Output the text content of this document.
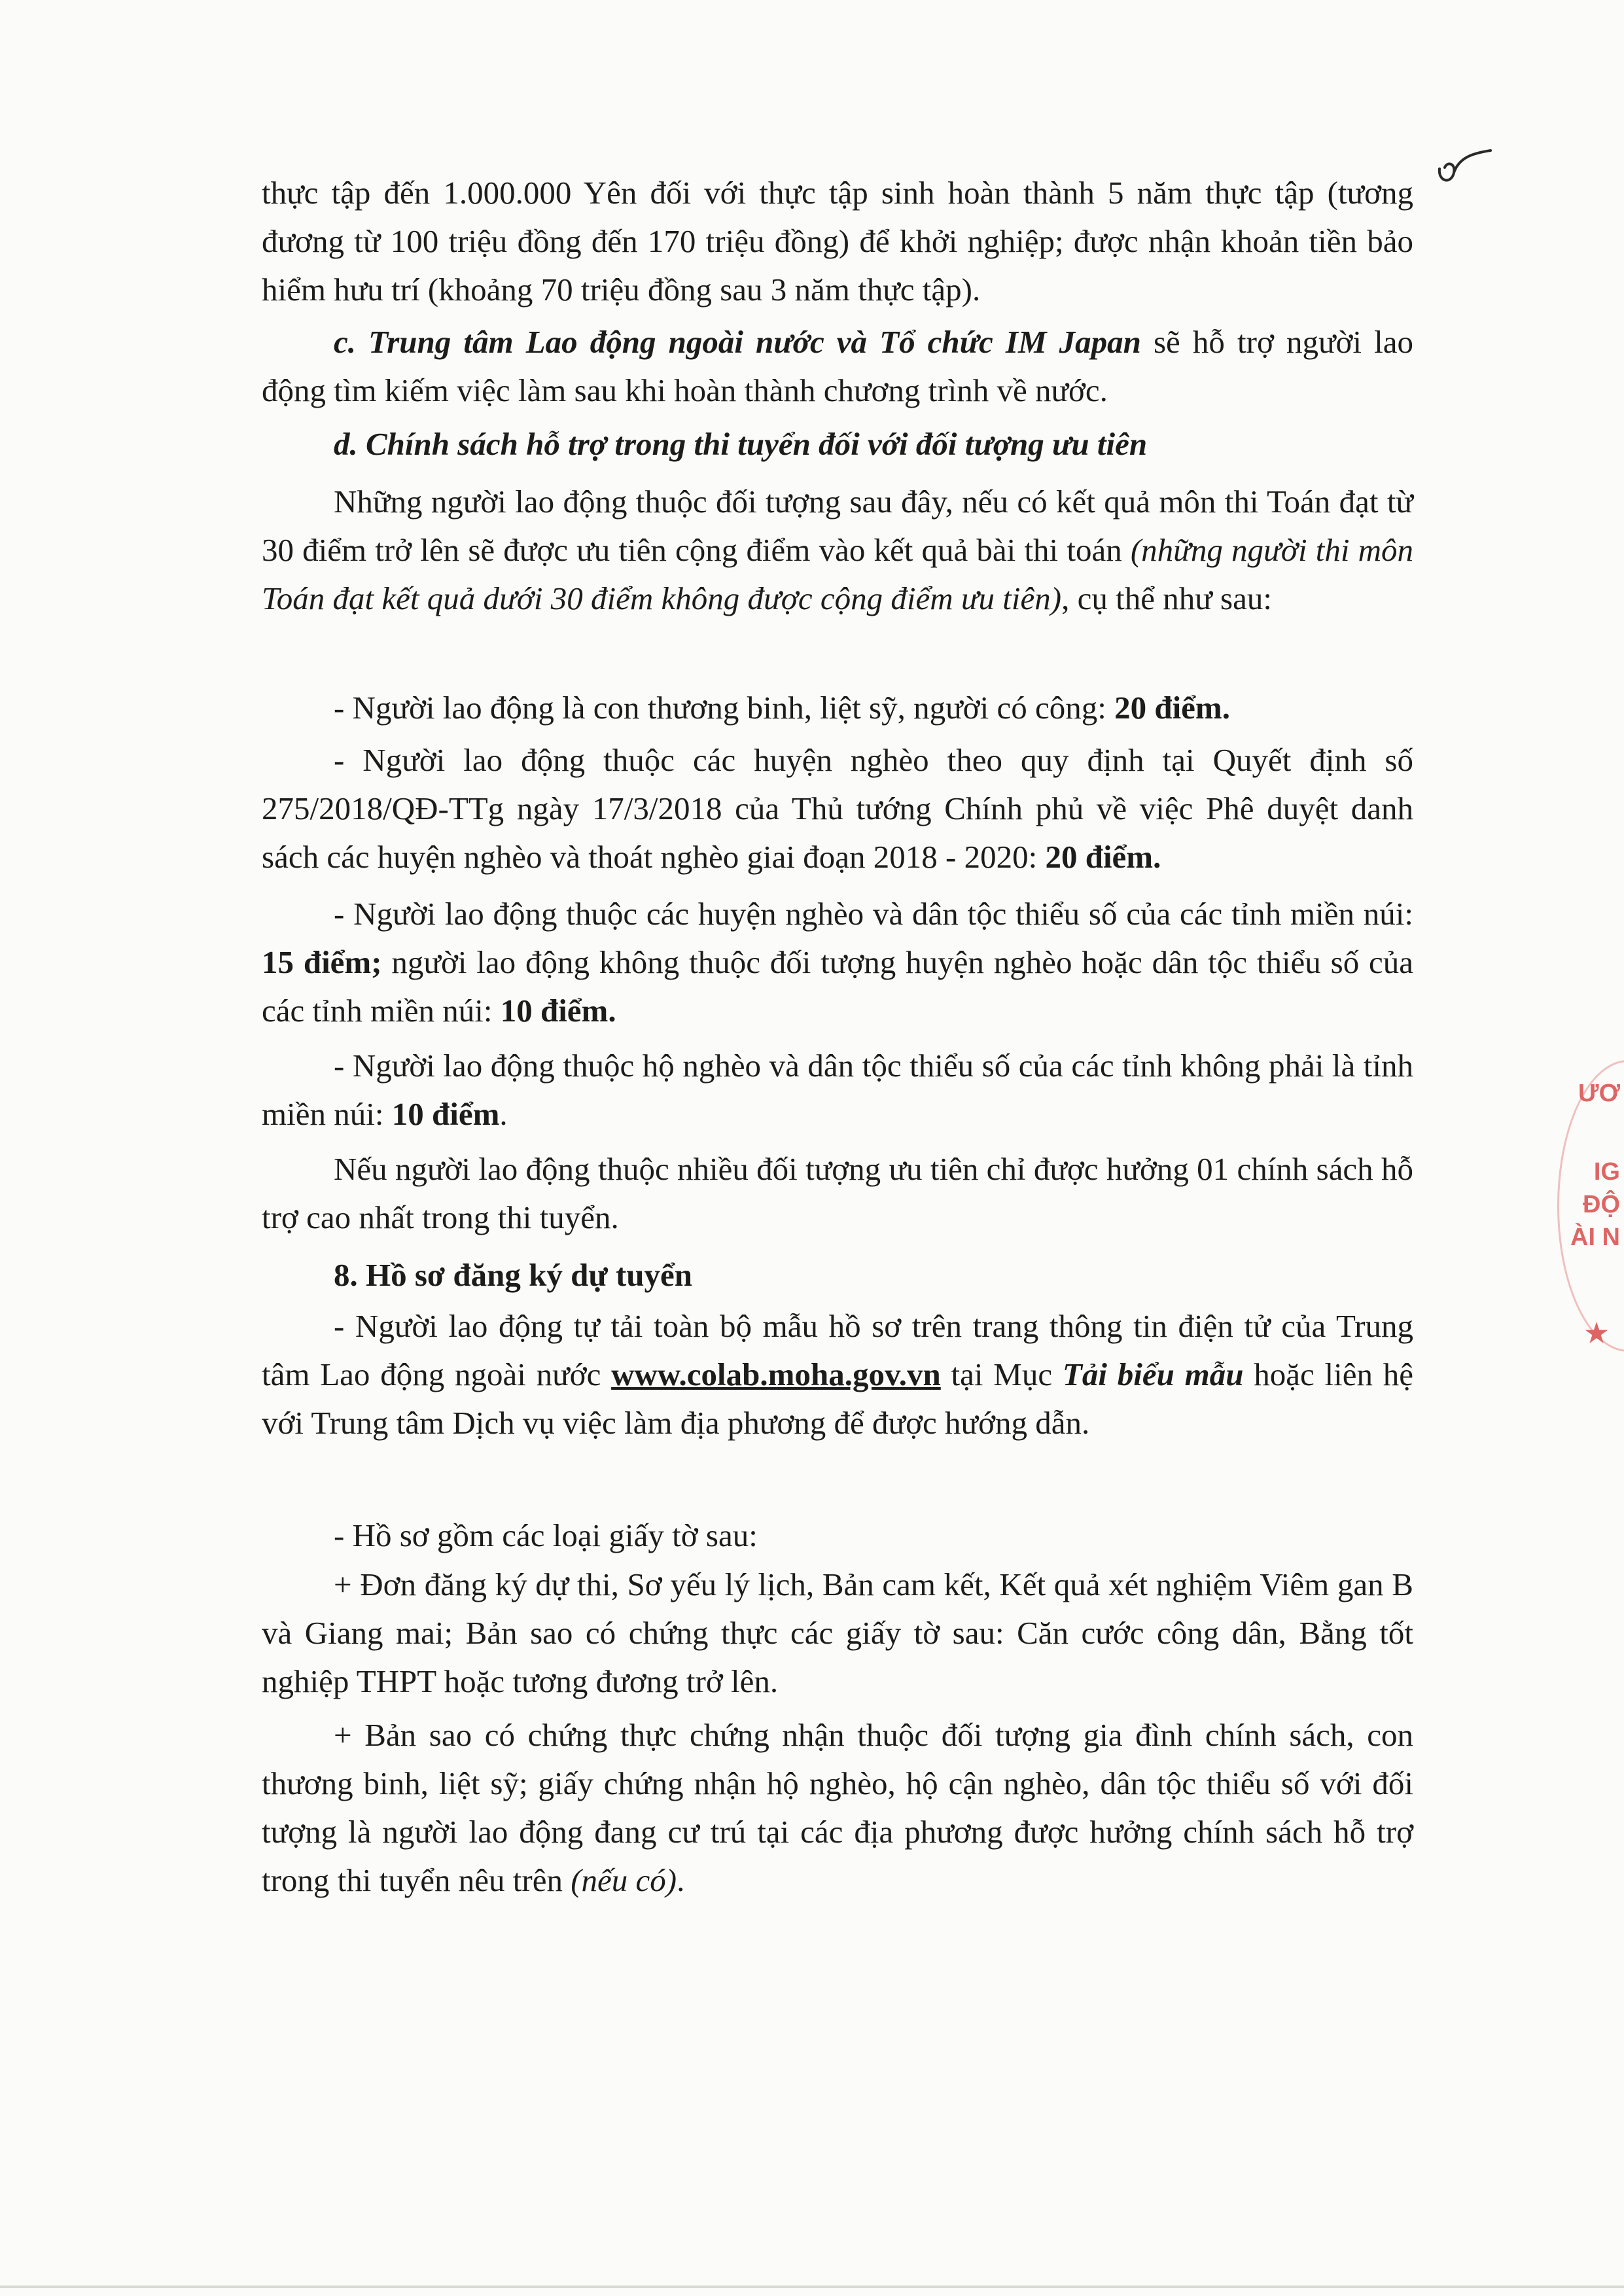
thực tập đến 1.000.000 Yên đối với thực tập sinh hoàn thành 5 năm thực tập (tương đương từ 100 triệu đồng đến 170 triệu đồng) để khởi nghiệp; được nhận khoản tiền bảo hiểm hưu trí (khoảng 70 triệu đồng sau 3 năm thực tập).

c. Trung tâm Lao động ngoài nước và Tổ chức IM Japan sẽ hỗ trợ người lao động tìm kiếm việc làm sau khi hoàn thành chương trình về nước.

d. Chính sách hỗ trợ trong thi tuyển đối với đối tượng ưu tiên

Những người lao động thuộc đối tượng sau đây, nếu có kết quả môn thi Toán đạt từ 30 điểm trở lên sẽ được ưu tiên cộng điểm vào kết quả bài thi toán (những người thi môn Toán đạt kết quả dưới 30 điểm không được cộng điểm ưu tiên), cụ thể như sau:

- Người lao động là con thương binh, liệt sỹ, người có công: 20 điểm.

- Người lao động thuộc các huyện nghèo theo quy định tại Quyết định số 275/2018/QĐ-TTg ngày 17/3/2018 của Thủ tướng Chính phủ về việc Phê duyệt danh sách các huyện nghèo và thoát nghèo giai đoạn 2018 - 2020: 20 điểm.

- Người lao động thuộc các huyện nghèo và dân tộc thiểu số của các tỉnh miền núi: 15 điểm; người lao động không thuộc đối tượng huyện nghèo hoặc dân tộc thiểu số của các tỉnh miền núi: 10 điểm.

- Người lao động thuộc hộ nghèo và dân tộc thiểu số của các tỉnh không phải là tỉnh miền núi: 10 điểm.

Nếu người lao động thuộc nhiều đối tượng ưu tiên chỉ được hưởng 01 chính sách hỗ trợ cao nhất trong thi tuyển.

8. Hồ sơ đăng ký dự tuyển

- Người lao động tự tải toàn bộ mẫu hồ sơ trên trang thông tin điện tử của Trung tâm Lao động ngoài nước www.colab.moha.gov.vn tại Mục Tải biểu mẫu hoặc liên hệ với Trung tâm Dịch vụ việc làm địa phương để được hướng dẫn.

- Hồ sơ gồm các loại giấy tờ sau:

+ Đơn đăng ký dự thi, Sơ yếu lý lịch, Bản cam kết, Kết quả xét nghiệm Viêm gan B và Giang mai; Bản sao có chứng thực các giấy tờ sau: Căn cước công dân, Bằng tốt nghiệp THPT hoặc tương đương trở lên.

+ Bản sao có chứng thực chứng nhận thuộc đối tượng gia đình chính sách, con thương binh, liệt sỹ; giấy chứng nhận hộ nghèo, hộ cận nghèo, dân tộc thiểu số với đối tượng là người lao động đang cư trú tại các địa phương được hưởng chính sách hỗ trợ trong thi tuyển nêu trên (nếu có).

ƯƠ
IG
ĐỘ
ÀI N
★
